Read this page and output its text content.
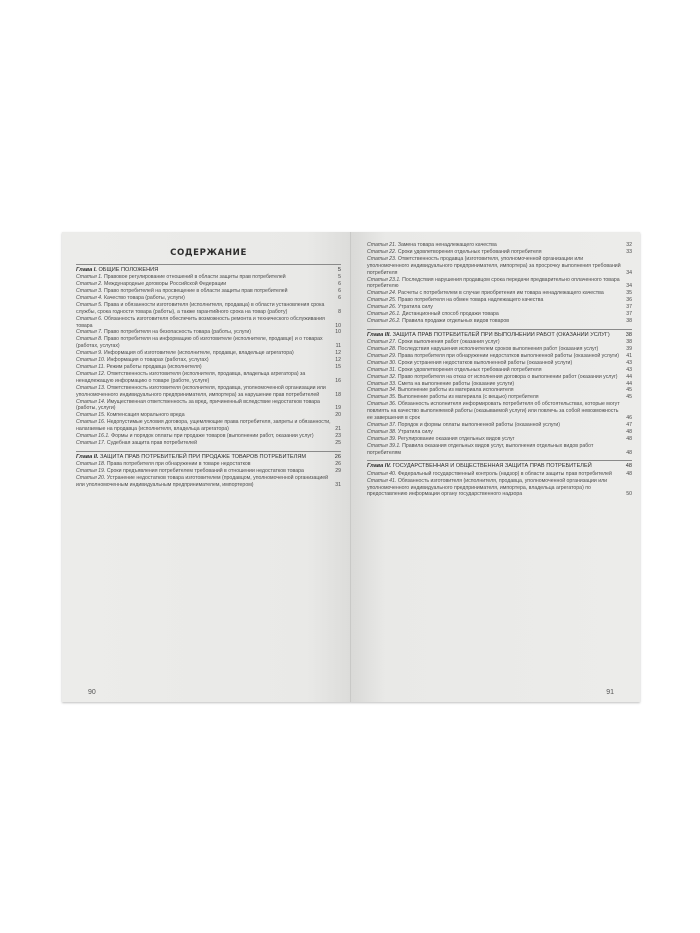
СОДЕРЖАНИЕ
Глава I. ОБЩИЕ ПОЛОЖЕНИЯ	5
Статья 1. Правовое регулирование отношений в области защиты прав потребителей	5
Статья 2. Международные договоры Российской Федерации	6
Статья 3. Право потребителей на просвещение в области защиты прав потребителей	6
Статья 4. Качество товара (работы, услуги)	6
Статья 5. Права и обязанности изготовителя (исполнителя, продавца) в области установления срока службы, срока годности товара (работы), а также гарантийного срока на товар (работу)	8
Статья 6. Обязанность изготовителя обеспечить возможность ремонта и технического обслуживания товара	10
Статья 7. Право потребителя на безопасность товара (работы, услуги)	10
Статья 8. Право потребителя на информацию об изготовителе (исполнителе, продавце) и о товарах (работах, услугах)	11
Статья 9. Информация об изготовителе (исполнителе, продавце, владельце агрегатора)	12
Статья 10. Информация о товарах (работах, услугах)	12
Статья 11. Режим работы продавца (исполнителя)	15
Статья 12. Ответственность изготовителя (исполнителя, продавца, владельца агрегатора) за ненадлежащую информацию о товаре (работе, услуге)	16
Статья 13. Ответственность изготовителя (исполнителя, продавца, уполномоченной организации или уполномоченного индивидуального предпринимателя, импортера) за нарушение прав потребителей	18
Статья 14. Имущественная ответственность за вред, причиненный вследствие недостатков товара (работы, услуги)	19
Статья 15. Компенсация морального вреда	20
Статья 16. Недопустимые условия договора, ущемляющие права потребителя, запреты и обязанности, налагаемые на продавца (исполнителя, владельца агрегатора)	21
Статья 16.1. Формы и порядок оплаты при продаже товаров (выполнении работ, оказании услуг)	23
Статья 17. Судебная защита прав потребителей	25
Глава II. ЗАЩИТА ПРАВ ПОТРЕБИТЕЛЕЙ ПРИ ПРОДАЖЕ ТОВАРОВ ПОТРЕБИТЕЛЯМ	26
Статья 18. Права потребителя при обнаружении в товаре недостатков	26
Статья 19. Сроки предъявления потребителем требований в отношении недостатков товара	29
Статья 20. Устранение недостатков товара изготовителем (продавцом, уполномоченной организацией или уполномоченным индивидуальным предпринимателем, импортером)	31
90
Статья 21. Замена товара ненадлежащего качества	32
Статья 22. Сроки удовлетворения отдельных требований потребителя	33
Статья 23. Ответственность продавца (изготовителя, уполномоченной организации или уполномоченного индивидуального предпринимателя, импортера) за просрочку выполнения требований потребителя	34
Статья 23.1. Последствия нарушения продавцом срока передачи предварительно оплаченного товара потребителю	34
Статья 24. Расчеты с потребителем в случае приобретения им товара ненадлежащего качества	35
Статья 25. Право потребителя на обмен товара надлежащего качества	36
Статья 26. Утратила силу	37
Статья 26.1. Дистанционный способ продажи товара	37
Статья 26.2. Правила продажи отдельных видов товаров	38
Глава III. ЗАЩИТА ПРАВ ПОТРЕБИТЕЛЕЙ ПРИ ВЫПОЛНЕНИИ РАБОТ (ОКАЗАНИИ УСЛУГ)	38
Статья 27. Сроки выполнения работ (оказания услуг)	38
Статья 28. Последствия нарушения исполнителем сроков выполнения работ (оказания услуг)	39
Статья 29. Права потребителя при обнаружении недостатков выполненной работы (оказанной услуги)	41
Статья 30. Сроки устранения недостатков выполненной работы (оказанной услуги)	43
Статья 31. Сроки удовлетворения отдельных требований потребителя	43
Статья 32. Право потребителя на отказ от исполнения договора о выполнении работ (оказании услуг)	44
Статья 33. Смета на выполнение работы (оказание услуги)	44
Статья 34. Выполнение работы из материала исполнителя	45
Статья 35. Выполнение работы из материала (с вещью) потребителя	45
Статья 36. Обязанность исполнителя информировать потребителя об обстоятельствах, которые могут повлиять на качество выполняемой работы (оказываемой услуги) или повлечь за собой невозможность ее завершения в срок	46
Статья 37. Порядок и формы оплаты выполненной работы (оказанной услуги)	47
Статья 38. Утратила силу	48
Статья 39. Регулирование оказания отдельных видов услуг	48
Статья 39.1. Правила оказания отдельных видов услуг, выполнения отдельных видов работ потребителям	48
Глава IV. ГОСУДАРСТВЕННАЯ И ОБЩЕСТВЕННАЯ ЗАЩИТА ПРАВ ПОТРЕБИТЕЛЕЙ	48
Статья 40. Федеральный государственный контроль (надзор) в области защиты прав потребителей	48
Статья 41. Обязанность изготовителя (исполнителя, продавца, уполномоченной организации или уполномоченного индивидуального предпринимателя, импортера, владельца агрегатора) по предоставлению информации органу государственного надзора	50
91
